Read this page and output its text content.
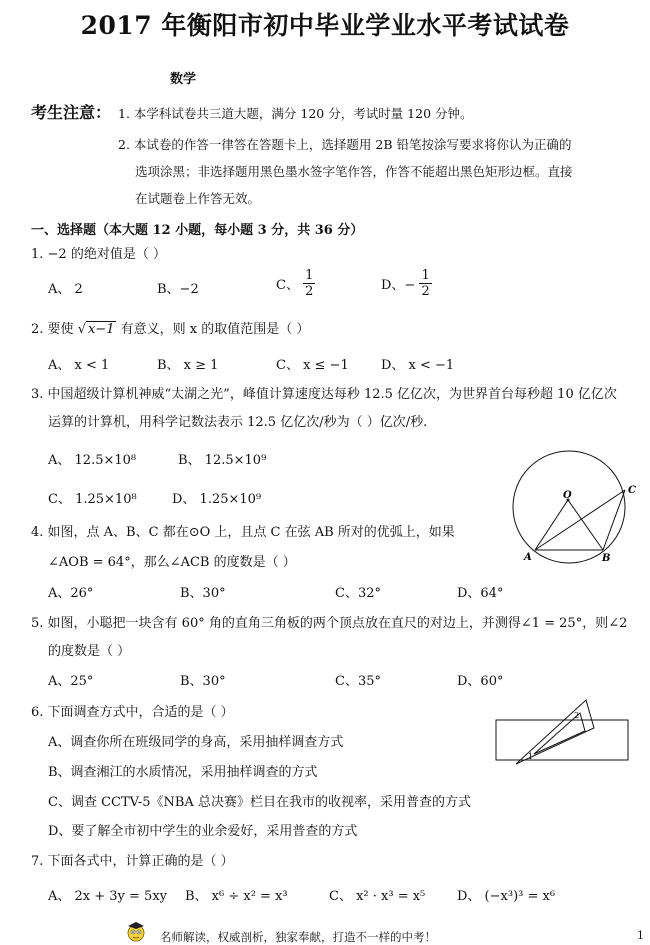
2017 年衡阳市初中毕业学业水平考试试卷
数学
考生注意： 1. 本学科试卷共三道大题，满分 120 分，考试时量 120 分钟。
2. 本试卷的作答一律答在答题卡上，选择题用 2B 铅笔按涂写要求将你认为正确的
选项涂黑；非选择题用黑色墨水签字笔作答，作答不能超出黑色矩形边框。直接
在试题卷上作答无效。
一、选择题（本大题 12 小题，每小题 3 分，共 36 分）
1. −2 的绝对值是（ ）
A、 2	B、−2	C、 $\frac{1}{2}$	D、− $\frac{1}{2}$
2. 要使 √ x−1 有意义，则 x 的取值范围是（ ）
A、 x < 1	B、 x ≥ 1	C、 x ≤ −1 D、 x < −1
3. 中国超级计算机神威“太湖之光”，峰值计算速度达每秒 12.5 亿亿次，为世界首台每秒超 10 亿亿次
运算的计算机，用科学记数法表示 12.5 亿亿次/秒为（ ）亿次/秒.
A、 12.5×10⁸	B、 12.5×10⁹
C、 1.25×10⁸	D、 1.25×10⁹	O
A	B
C
4. 如图，点 A、B、C 都在⊙O 上，且点 C 在弦 AB 所对的优弧上，如果
∠AOB = 64°，那么∠ACB 的度数是（ ）
A、26°	B、30°	C、32°	D、64°
5. 如图，小聪把一块含有 60° 角的直角三角板的两个顶点放在直尺的对边上，并测得∠1 = 25°，则∠2
的度数是（ ）
A、25°	B、30°	C、35°	D、60°
1
2
6. 下面调查方式中，合适的是（ ）
A、调查你所在班级同学的身高，采用抽样调查方式
B、调查湘江的水质情况，采用抽样调查的方式
C、调查 CCTV-5《NBA 总决赛》栏目在我市的收视率，采用普查的方式
D、要了解全市初中学生的业余爱好，采用普查的方式
7. 下面各式中，计算正确的是（ ）
A、 2x + 3y = 5xy B、 x⁶ ÷ x² = x³	C、 x² · x³ = x⁵ D、 (−x³)³ = x⁶
名师解读，权威剖析，独家奉献，打造不一样的中考！	1
